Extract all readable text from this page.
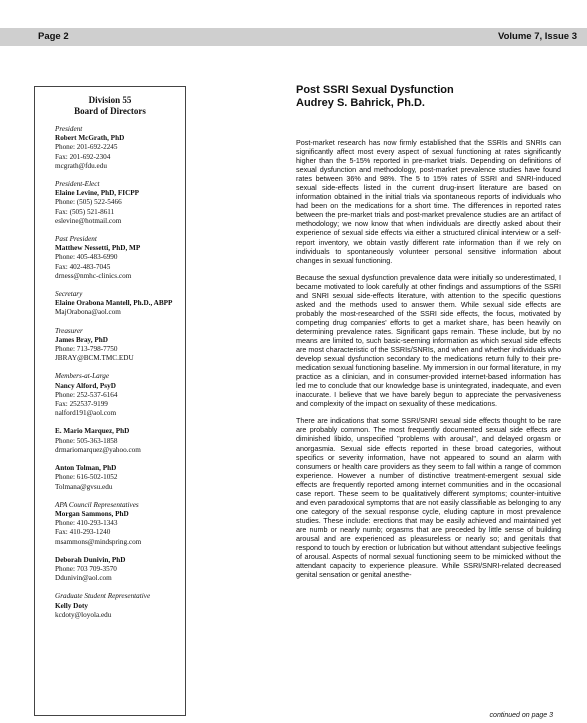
Page 2	Volume 7, Issue 3
Division 55
Board of Directors
President
Robert McGrath, PhD
Phone: 201-692-2245
Fax: 201-692-2304
mcgrath@fdu.edu
President-Elect
Elaine Levine, PhD, FICPP
Phone: (505) 522-5466
Fax: (505) 521-8611
eslevine@hotmail.com
Past President
Matthew Nessetti, PhD, MP
Phone: 405-483-6990
Fax: 402-483-7045
drness@nmhc-clinics.com
Secretary
Elaine Orabona Mantell, Ph.D., ABPP
MajOrabona@aol.com
Treasurer
James Bray, PhD
Phone: 713-798-7750
JBRAY@BCM.TMC.EDU
Members-at-Large
Nancy Alford, PsyD
Phone: 252-537-6164
Fax: 252537-9199
nalford191@aol.com
E. Mario Marquez, PhD
Phone: 505-363-1858
drmariomarquez@yahoo.com
Anton Tolman, PhD
Phone: 616-502-1052
Tolmana@gvsu.edu
APA Council Representatives
Morgan Sammons, PhD
Phone: 410-293-1343
Fax: 410-293-1240
msammons@mindspring.com
Deborah Dunivin, PhD
Phone: 703 709-3570
Ddunivin@aol.com
Graduate Student Representative
Kelly Doty
kcdoty@loyola.edu
Post SSRI Sexual Dysfunction
Audrey S. Bahrick, Ph.D.

Post-market research has now firmly established that the SSRIs and SNRIs can significantly affect most every aspect of sexual functioning at rates significantly higher than the 5-15% reported in pre-market trials. Depending on definitions of sexual dysfunction and methodology, post-market prevalence studies have found rates between 36% and 98%. The 5 to 15% rates of SSRI and SNRI-induced sexual side-effects listed in the current drug-insert literature are based on information obtained in the initial trials via spontaneous reports of individuals who had been on the medications for a short time. The differences in reported rates between the pre-market trials and post-market prevalence studies are an artifact of methodology; we now know that when individuals are directly asked about their experience of sexual side effects via either a structured clinical interview or a self-report inventory, we obtain vastly different rate information than if we rely on individuals to spontaneously volunteer personal sensitive information about changes in sexual functioning.

Because the sexual dysfunction prevalence data were initially so underestimated, I became motivated to look carefully at other findings and assumptions of the SSRI and SNRI sexual side-effects literature, with attention to the specific questions asked and the methods used to answer them. While sexual side effects are probably the most-researched of the SSRI side effects, the focus, motivated by competing drug companies' efforts to get a market share, has been heavily on determining prevalence rates. Significant gaps remain. These include, but by no means are limited to, such basic-seeming information as which sexual side effects are most characteristic of the SSRIs/SNRIs, and when and whether individuals who develop sexual dysfunction secondary to the medications return fully to their pre-medication sexual functioning baseline. My immersion in our formal literature, in my practice as a clinician, and in consumer-provided internet-based information has led me to conclude that our knowledge base is unintegrated, inadequate, and even inaccurate. I believe that we have barely begun to appreciate the pervasiveness and complexity of the impact on sexuality of these medications.

There are indications that some SSRI/SNRI sexual side effects thought to be rare are probably common. The most frequently documented sexual side effects are diminished libido, unspecified "problems with arousal", and delayed orgasm or anorgasmia. Sexual side effects reported in these broad categories, without specifics or severity information, have not appeared to sound an alarm with consumers or health care providers as they seem to fall within a range of common experience. However a number of distinctive treatment-emergent sexual side effects are frequently reported among internet communities and in the occasional case report. These seem to be qualitatively different symptoms; counter-intuitive and even paradoxical symptoms that are not easily classifiable as belonging to any one category of the sexual response cycle, eluding capture in most prevalence studies. These include: erections that may be easily achieved and maintained yet are numb or nearly numb; orgasms that are preceded by little sense of building arousal and are experienced as pleasureless or nearly so; and genitals that respond to touch by erection or lubrication but without attendant subjective feelings of arousal. Aspects of normal sexual functioning seem to be mimicked without the attendant capacity to experience pleasure. While SSRI/SNRI-related decreased genital sensation or genital anesthe-

continued on page 3
